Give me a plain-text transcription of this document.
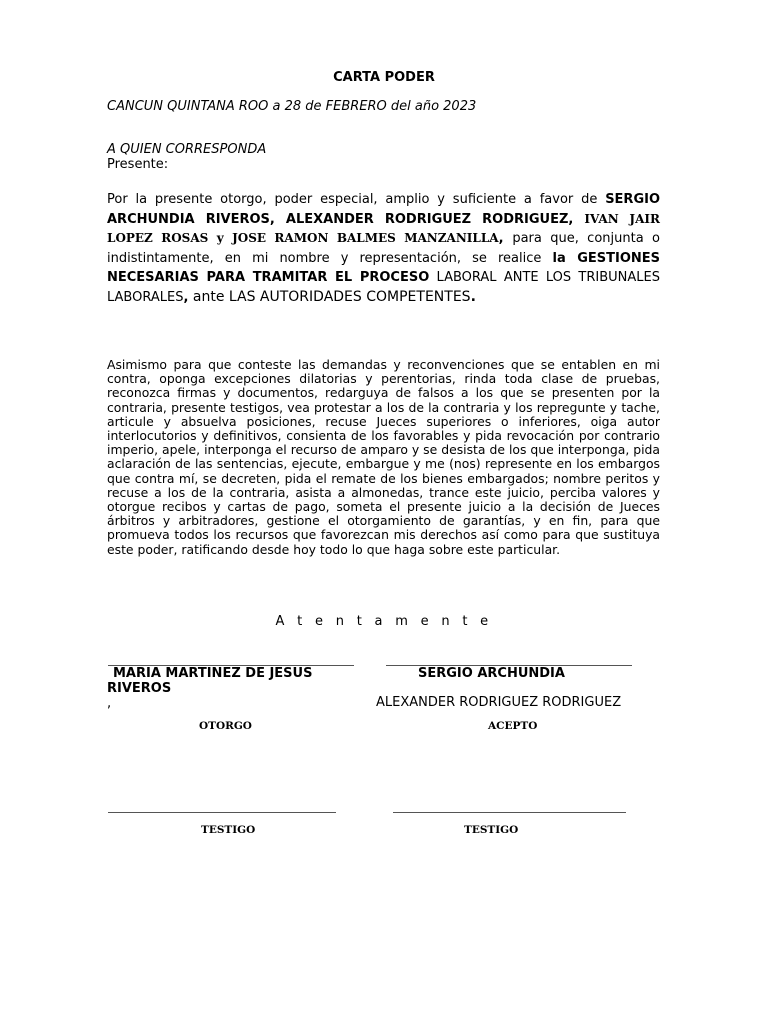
CARTA PODER
CANCUN QUINTANA ROO a 28 de FEBRERO del año 2023
A QUIEN CORRESPONDA
Presente:
Por la presente otorgo, poder especial, amplio y suficiente a favor de SERGIO ARCHUNDIA RIVEROS, ALEXANDER RODRIGUEZ RODRIGUEZ, IVAN JAIR LOPEZ ROSAS y JOSE RAMON BALMES MANZANILLA, para que, conjunta o indistintamente, en mi nombre y representación, se realice la GESTIONES NECESARIAS PARA TRAMITAR EL PROCESO LABORAL ANTE LOS TRIBUNALES LABORALES, ante LAS AUTORIDADES COMPETENTES.
Asimismo para que conteste las demandas y reconvenciones que se entablen en mi contra, oponga excepciones dilatorias y perentorias, rinda toda clase de pruebas, reconozca firmas y documentos, redarguya de falsos a los que se presenten por la contraria, presente testigos, vea protestar a los de la contraria y los repregunte y tache, articule y absuelva posiciones, recuse Jueces superiores o inferiores, oiga autor interlocutorios y definitivos, consienta de los favorables y pida revocación por contrario imperio, apele, interponga el recurso de amparo y se desista de los que interponga, pida aclaración de las sentencias, ejecute, embargue y me (nos) represente en los embargos que contra mí, se decreten, pida el remate de los bienes embargados; nombre peritos y recuse a los de la contraria, asista a almonedas, trance este juicio, perciba valores y otorgue recibos y cartas de pago, someta el presente juicio a la decisión de Jueces árbitros y arbitradores, gestione el otorgamiento de garantías, y en fin, para que promueva todos los recursos que favorezcan mis derechos así como para que sustituya este poder, ratificando desde hoy todo lo que haga sobre este particular.
A t e n t a m e n t e
MARIA MARTINEZ DE JESUS
RIVEROS
,
SERGIO ARCHUNDIA
ALEXANDER RODRIGUEZ RODRIGUEZ
OTORGO	ACEPTO
TESTIGO	TESTIGO
